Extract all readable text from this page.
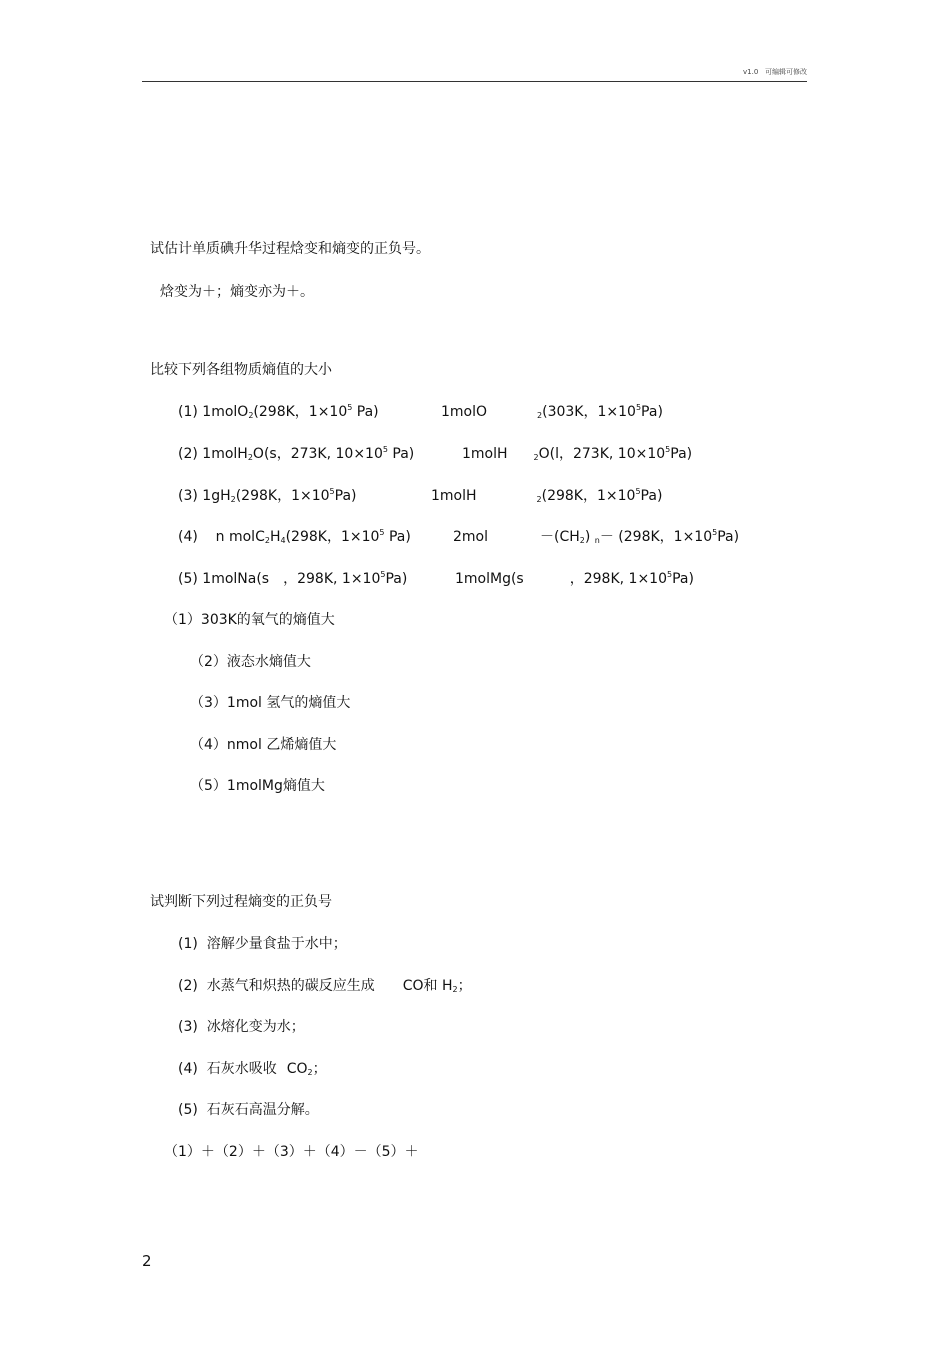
v1.0 可编辑可修改
试估计单质碘升华过程焓变和熵变的正负号。
焓变为＋；熵变亦为＋。
比较下列各组物质熵值的大小
(1) 1molO$_2$(298K，$1\times 10^5$ Pa)	1molO	$_2$(303K，$1\times 10^5Pa$)
(2) 1molH$_2$O(s，273K, $10\times 10^5$ Pa)	1molH	$_2$O(l，273K, $10\times 10^5Pa$)
(3) $1gH_2(298K$，$1\times 10^5Pa$)	1molH	$_2$(298K，$1\times 10^5Pa$)
(4) n $molC_2H_4(298K$，$1\times 10^5$ Pa)	2mol	$-(CH_2)$ $_n$－ (298K，$1\times 10^5Pa$)
(5) 1molNa(s ，298K, $1\times 10^5Pa$)	1molMg(s	，298K, $1\times 10^5Pa$)
（1）303K的氧气的熵值大
（2）液态水熵值大
（3）1mol 氢气的熵值大
（4）nmol 乙烯熵值大
（5）1molMg熵值大
试判断下列过程熵变的正负号
(1) 溶解少量食盐于水中；
(2) 水蒸气和炽热的碳反应生成 CO和 $H_2$；
(3) 冰熔化变为水；
(4) 石灰水吸收 $CO_2$；
(5) 石灰石高温分解。
（1）＋（2）＋（3）＋（4）－（5）＋
2
